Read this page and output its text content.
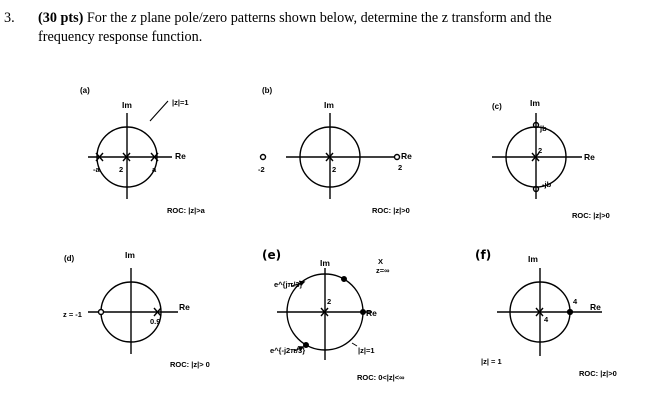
3. (30 pts) For the z plane pole/zero patterns shown below, determine the z transform and the
frequency response function.
(a)
Im	|z|=1
Re
-a	2	a
ROC: |z|>a
(b)
Im
Re
-2	2	2
ROC: |z|>0
(c)	Im
Re
jb
2
-jb
ROC: |z|>0
(d)	Im
Re
z = -1
0.9
ROC: |z|> 0
(e)
Im
Re
e^{jπ/3}
e^{-j2π/3}
2
X
z=∞
|z|=1
ROC: 0<|z|<∞
(f)	Im
Re
4
4
|z| = 1
ROC: |z|>0
